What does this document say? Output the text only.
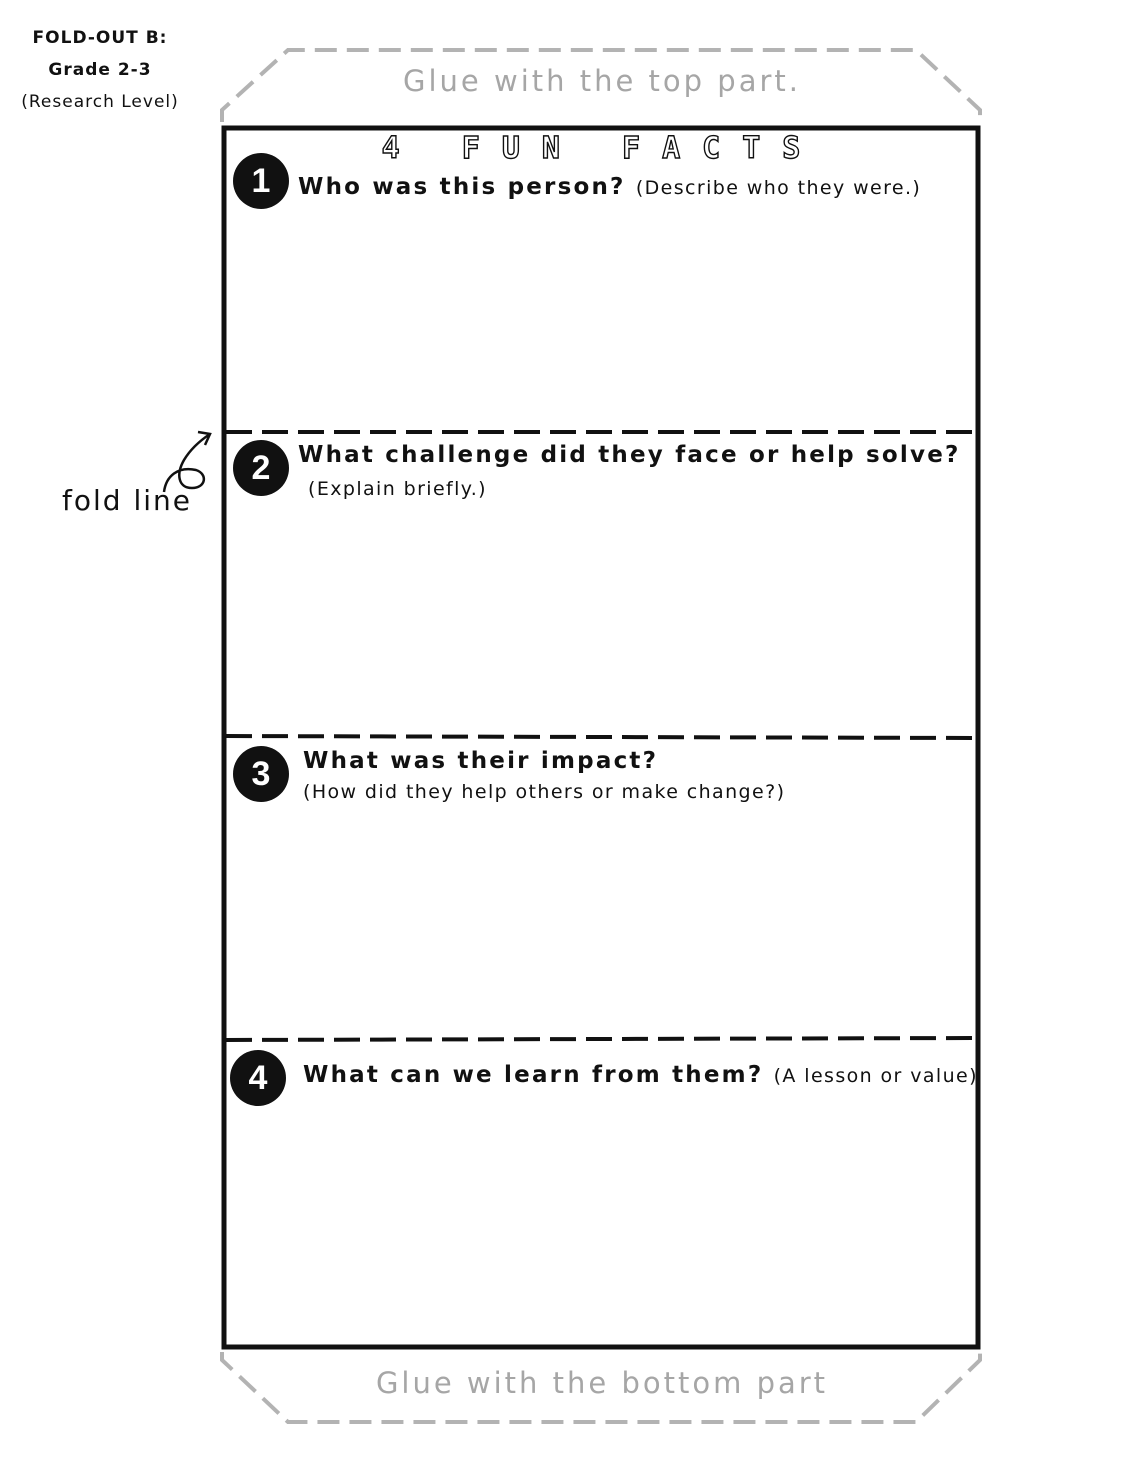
FOLD-OUT B:
Grade 2-3
(Research Level)
Glue with the top part.
Glue with the bottom part
fold line
4 FUN FACTS
1	Who was this person? (Describe who they were.)
2	What challenge did they face or help solve?
(Explain briefly.)
3	What was their impact?
(How did they help others or make change?)
4	What can we learn from them? (A lesson or value)
